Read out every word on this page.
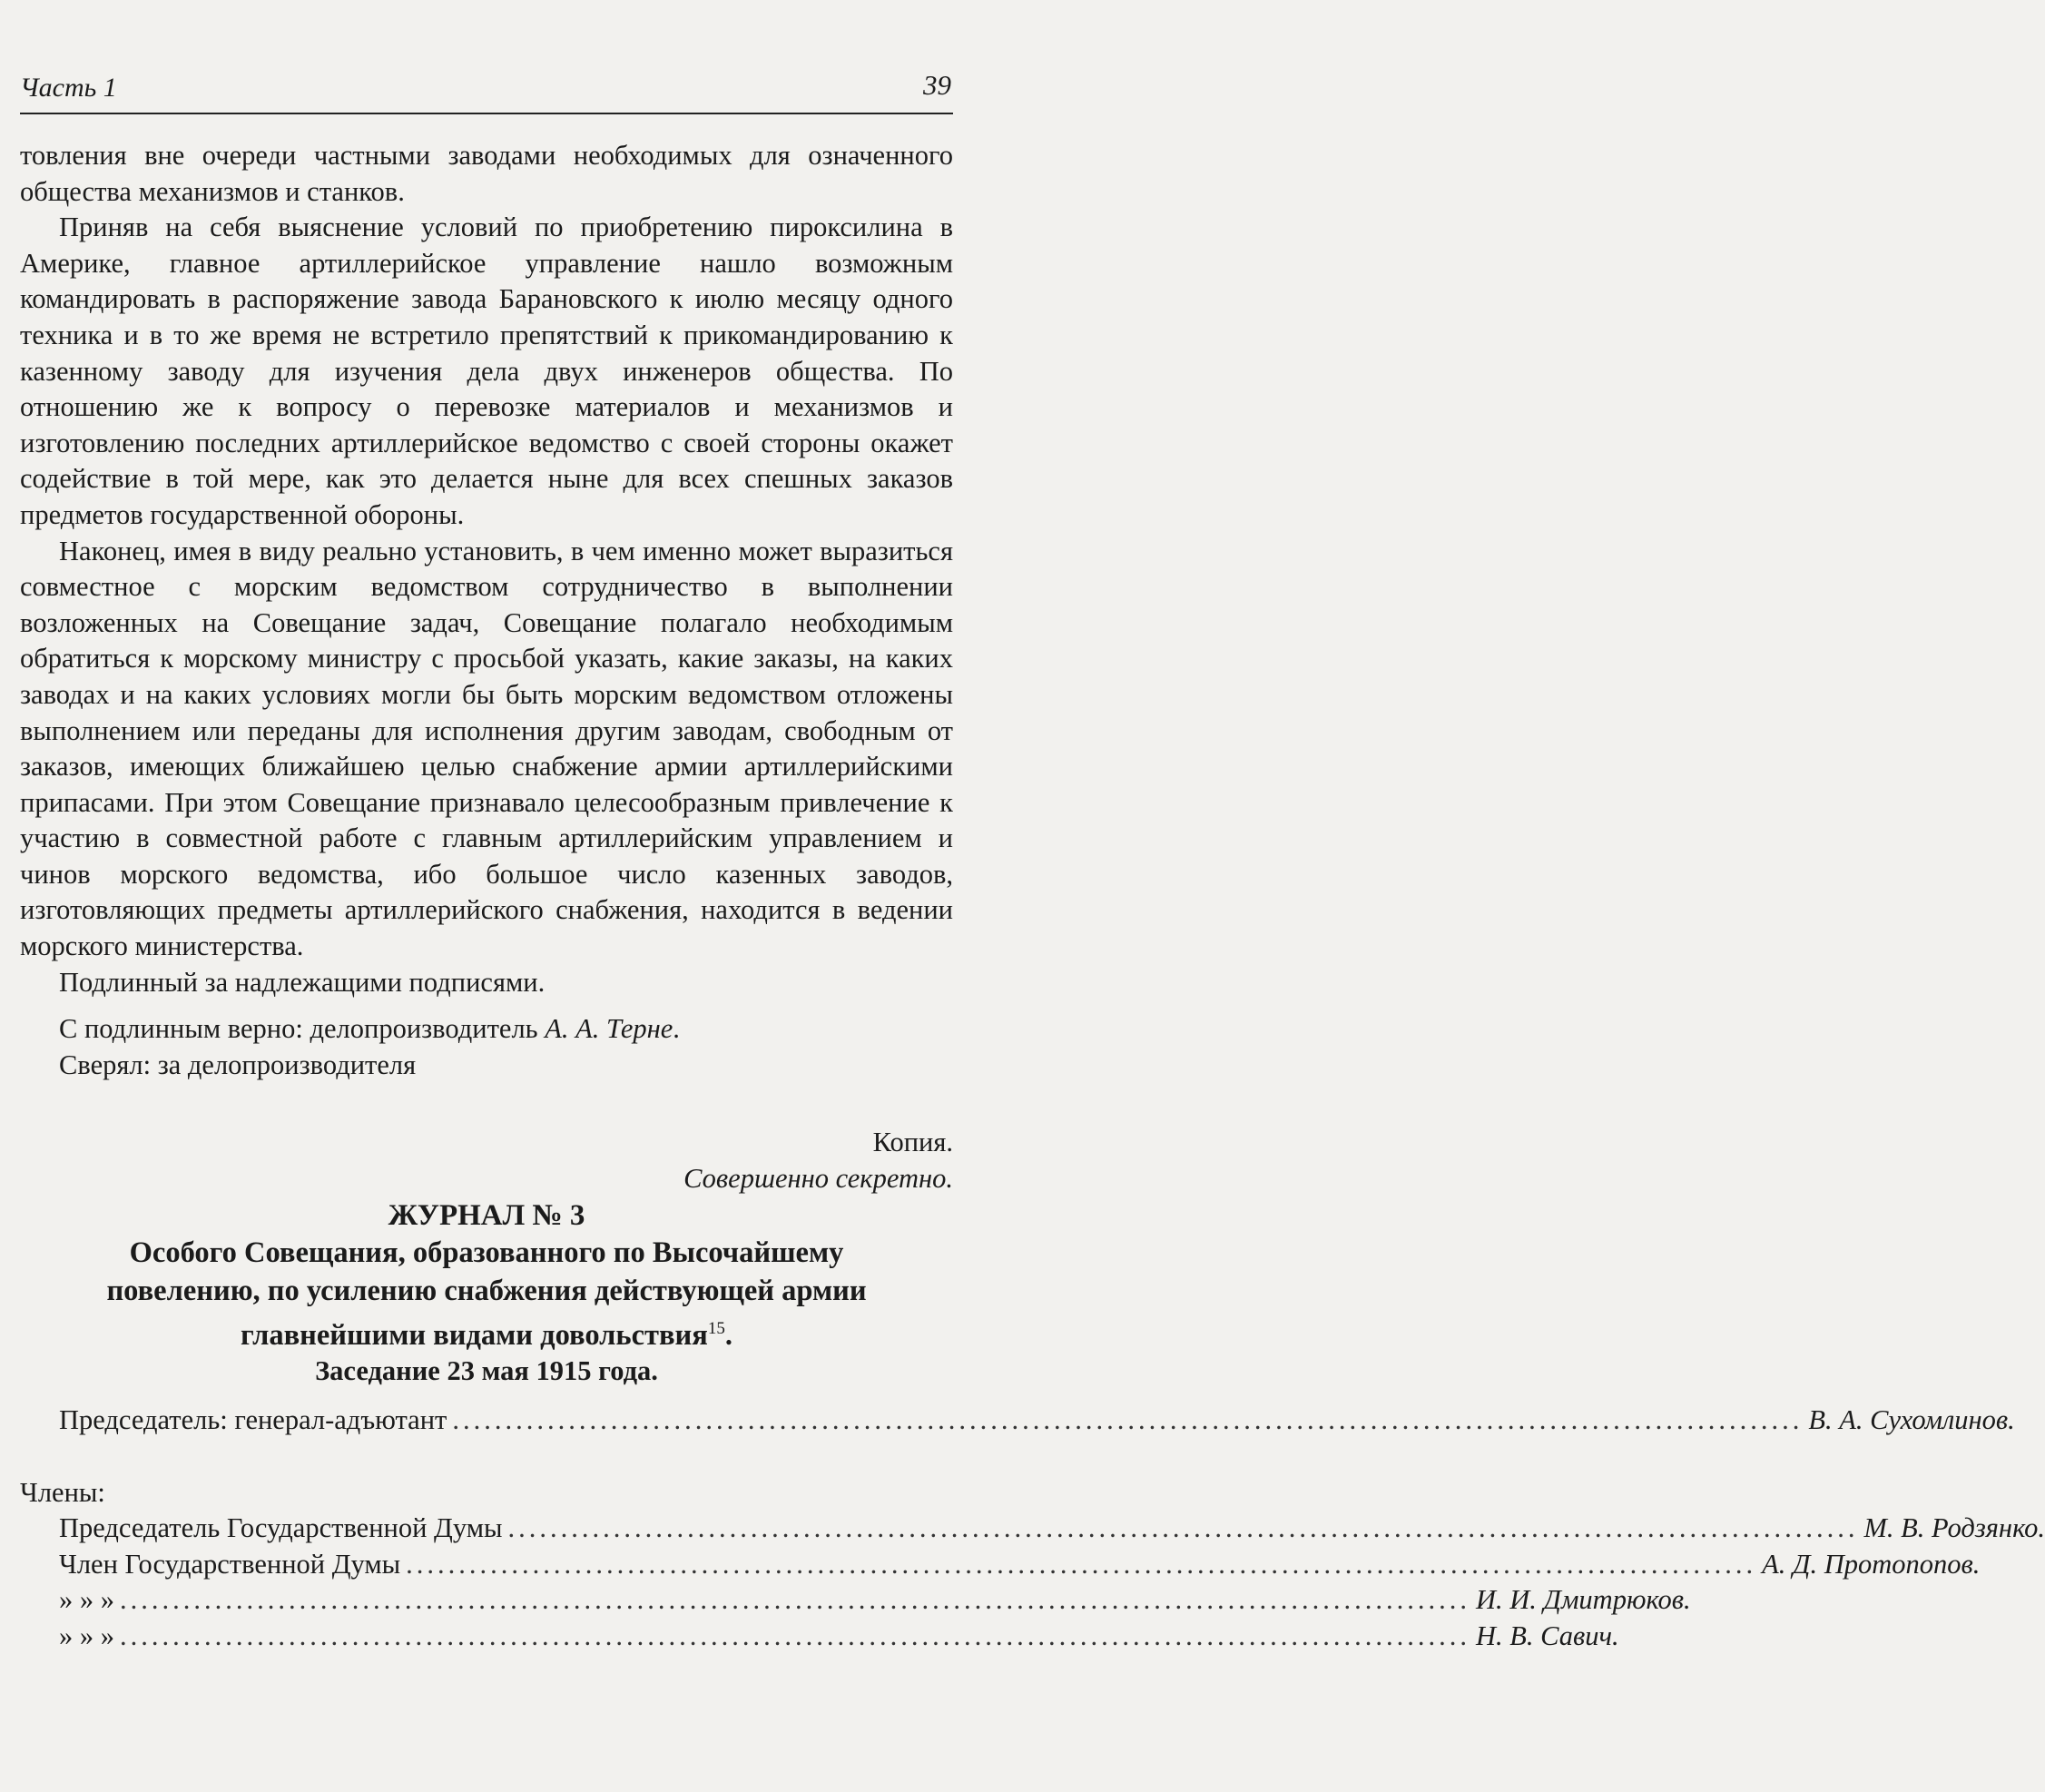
Часть 1	39

товления вне очереди частными заводами необходимых для означенного общества механизмов и станков.

Приняв на себя выяснение условий по приобретению пироксилина в Америке, главное артиллерийское управление нашло возможным командировать в распоряжение завода Барановского к июлю месяцу одного техника и в то же время не встретило препятствий к прикомандированию к казенному заводу для изучения дела двух инженеров общества. По отношению же к вопросу о перевозке материалов и механизмов и изготовлению последних артиллерийское ведомство с своей стороны окажет содействие в той мере, как это делается ныне для всех спешных заказов предметов государственной обороны.

Наконец, имея в виду реально установить, в чем именно может выразиться совместное с морским ведомством сотрудничество в выполнении возложенных на Совещание задач, Совещание полагало необходимым обратиться к морскому министру с просьбой указать, какие заказы, на каких заводах и на каких условиях могли бы быть морским ведомством отложены выполнением или переданы для исполнения другим заводам, свободным от заказов, имеющих ближайшею целью снабжение армии артиллерийскими припасами. При этом Совещание признавало целесообразным привлечение к участию в совместной работе с главным артиллерийским управлением и чинов морского ведомства, ибо большое число казенных заводов, изготовляющих предметы артиллерийского снабжения, находится в ведении морского министерства.

Подлинный за надлежащими подписями.

С подлинным верно: делопроизводитель А. А. Терне.

Сверял: за делопроизводителя

Копия.

Совершенно секретно.

ЖУРНАЛ № 3

Особого Совещания, образованного по Высочайшему
повелению, по усилению снабжения действующей армии
главнейшими видами довольствия$^{15}$.

Заседание 23 мая 1915 года.

Председатель: генерал-адъютант ................................................................................................................................ В. А. Сухомлинов.

Члены:

Председатель Государственной Думы ................................................................................................................................ М. В. Родзянко.
Член Государственной Думы ................................................................................................................................ А. Д. Протопопов.
» » » ................................................................................................................................ И. И. Дмитрюков.
» » » ................................................................................................................................ Н. В. Савич.
